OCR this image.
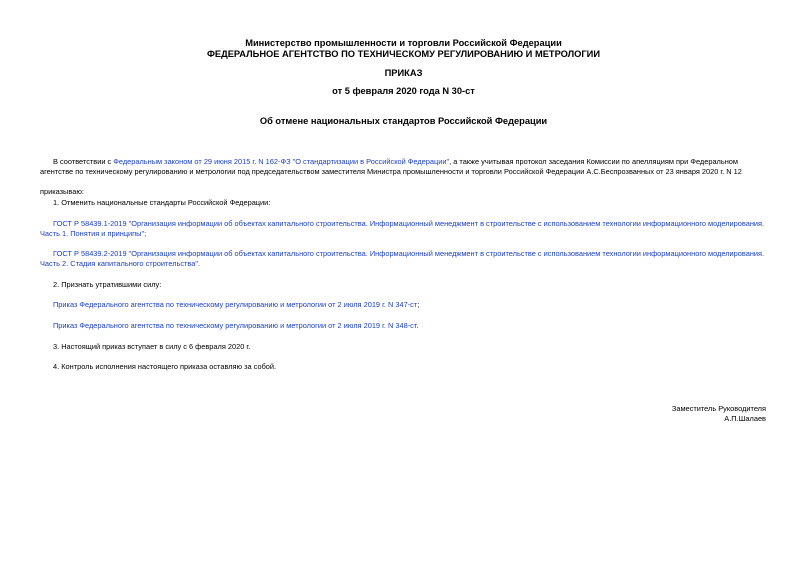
Министерство промышленности и торговли Российской Федерации
ФЕДЕРАЛЬНОЕ АГЕНТСТВО ПО ТЕХНИЧЕСКОМУ РЕГУЛИРОВАНИЮ И МЕТРОЛОГИИ
ПРИКАЗ
от 5 февраля 2020 года N 30-ст
Об отмене национальных стандартов Российской Федерации
В соответствии с Федеральным законом от 29 июня 2015 г. N 162-ФЗ "О стандартизации в Российской Федерации", а также учитывая протокол заседания Комиссии по апелляциям при Федеральном агентстве по техническому регулированию и метрологии под председательством заместителя Министра промышленности и торговли Российской Федерации А.С.Беспрозванных от 23 января 2020 г. N 12
приказываю:
1. Отменить национальные стандарты Российской Федерации:
ГОСТ Р 58439.1-2019 "Организация информации об объектах капитального строительства. Информационный менеджмент в строительстве с использованием технологии информационного моделирования. Часть 1. Понятия и принципы";
ГОСТ Р 58439.2-2019 "Организация информации об объектах капитального строительства. Информационный менеджмент в строительстве с использованием технологии информационного моделирования. Часть 2. Стадия капитального строительства".
2. Признать утратившими силу:
Приказ Федерального агентства по техническому регулированию и метрологии от 2 июля 2019 г. N 347-ст;
Приказ Федерального агентства по техническому регулированию и метрологии от 2 июля 2019 г. N 348-ст.
3. Настоящий приказ вступает в силу с 6 февраля 2020 г.
4. Контроль исполнения настоящего приказа оставляю за собой.
Заместитель Руководителя
А.П.Шалаев
